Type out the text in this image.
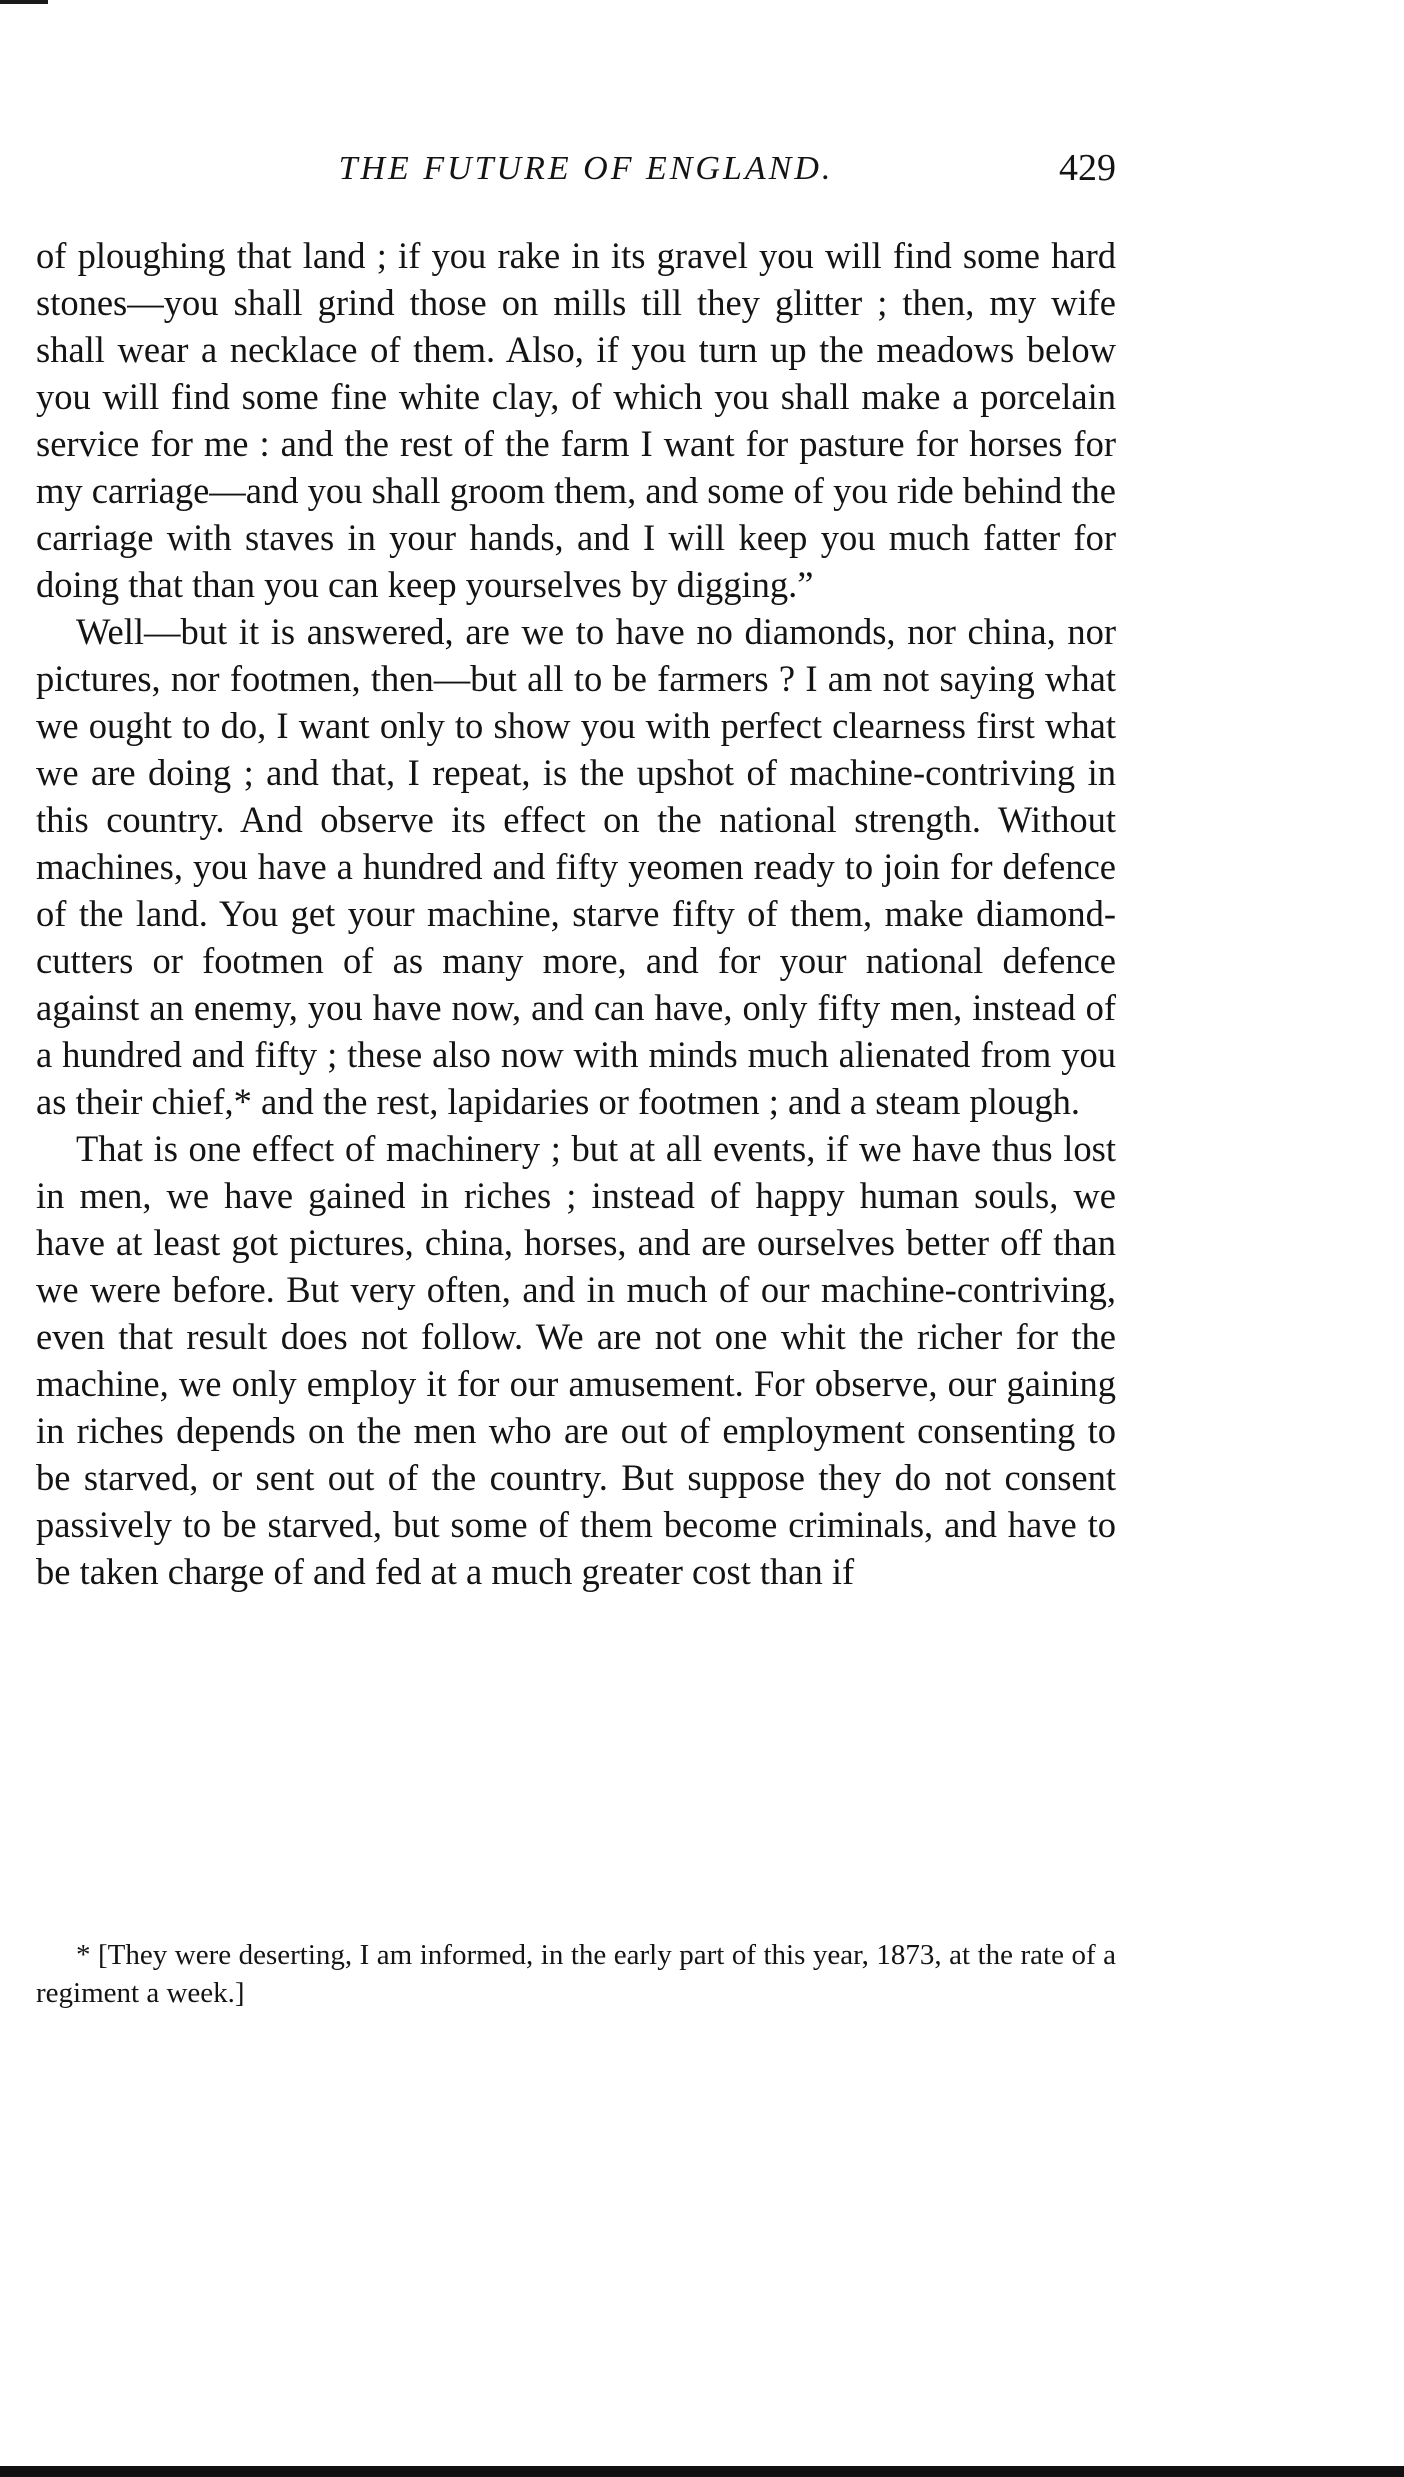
THE FUTURE OF ENGLAND.	429

of ploughing that land ; if you rake in its gravel you will find some hard stones—you shall grind those on mills till they glitter ; then, my wife shall wear a necklace of them. Also, if you turn up the meadows below you will find some fine white clay, of which you shall make a porcelain service for me : and the rest of the farm I want for pasture for horses for my carriage—and you shall groom them, and some of you ride behind the carriage with staves in your hands, and I will keep you much fatter for doing that than you can keep yourselves by digging.”

Well—but it is answered, are we to have no diamonds, nor china, nor pictures, nor footmen, then—but all to be farmers ? I am not saying what we ought to do, I want only to show you with perfect clearness first what we are doing ; and that, I repeat, is the upshot of machine-contriving in this country. And observe its effect on the national strength. Without machines, you have a hundred and fifty yeomen ready to join for defence of the land. You get your machine, starve fifty of them, make diamond-cutters or footmen of as many more, and for your national defence against an enemy, you have now, and can have, only fifty men, instead of a hundred and fifty ; these also now with minds much alienated from you as their chief,* and the rest, lapidaries or footmen ; and a steam plough.

That is one effect of machinery ; but at all events, if we have thus lost in men, we have gained in riches ; instead of happy human souls, we have at least got pictures, china, horses, and are ourselves better off than we were before. But very often, and in much of our machine-contriving, even that result does not follow. We are not one whit the richer for the machine, we only employ it for our amusement. For observe, our gaining in riches depends on the men who are out of employment consenting to be starved, or sent out of the country. But suppose they do not consent passively to be starved, but some of them become criminals, and have to be taken charge of and fed at a much greater cost than if

* [They were deserting, I am informed, in the early part of this year, 1873, at the rate of a regiment a week.]
